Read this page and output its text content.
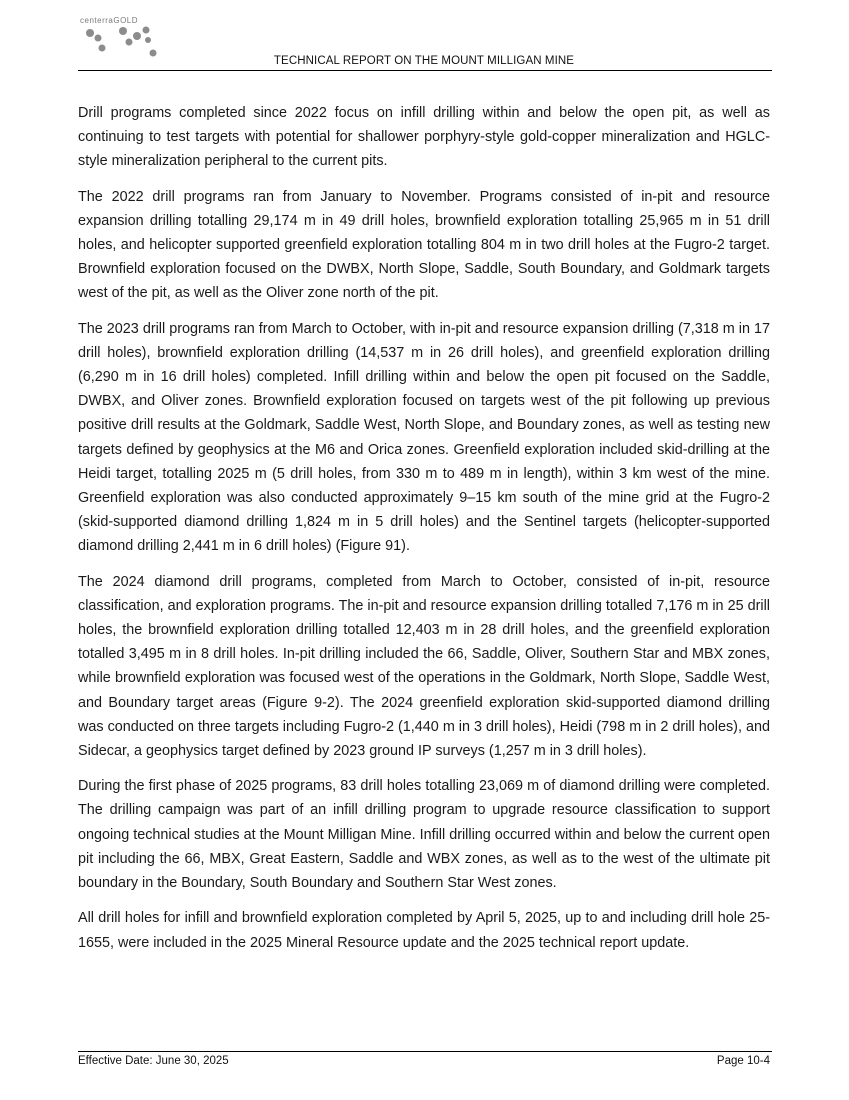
centerraGOLD
TECHNICAL REPORT ON THE MOUNT MILLIGAN MINE

Drill programs completed since 2022 focus on infill drilling within and below the open pit, as well as continuing to test targets with potential for shallower porphyry-style gold-copper mineralization and HGLC-style mineralization peripheral to the current pits.

The 2022 drill programs ran from January to November. Programs consisted of in-pit and resource expansion drilling totalling 29,174 m in 49 drill holes, brownfield exploration totalling 25,965 m in 51 drill holes, and helicopter supported greenfield exploration totalling 804 m in two drill holes at the Fugro-2 target. Brownfield exploration focused on the DWBX, North Slope, Saddle, South Boundary, and Goldmark targets west of the pit, as well as the Oliver zone north of the pit.

The 2023 drill programs ran from March to October, with in-pit and resource expansion drilling (7,318 m in 17 drill holes), brownfield exploration drilling (14,537 m in 26 drill holes), and greenfield exploration drilling (6,290 m in 16 drill holes) completed. Infill drilling within and below the open pit focused on the Saddle, DWBX, and Oliver zones. Brownfield exploration focused on targets west of the pit following up previous positive drill results at the Goldmark, Saddle West, North Slope, and Boundary zones, as well as testing new targets defined by geophysics at the M6 and Orica zones. Greenfield exploration included skid-drilling at the Heidi target, totalling 2025 m (5 drill holes, from 330 m to 489 m in length), within 3 km west of the mine. Greenfield exploration was also conducted approximately 9–15 km south of the mine grid at the Fugro-2 (skid-supported diamond drilling 1,824 m in 5 drill holes) and the Sentinel targets (helicopter-supported diamond drilling 2,441 m in 6 drill holes) (Figure 91).

The 2024 diamond drill programs, completed from March to October, consisted of in-pit, resource classification, and exploration programs. The in-pit and resource expansion drilling totalled 7,176 m in 25 drill holes, the brownfield exploration drilling totalled 12,403 m in 28 drill holes, and the greenfield exploration totalled 3,495 m in 8 drill holes. In-pit drilling included the 66, Saddle, Oliver, Southern Star and MBX zones, while brownfield exploration was focused west of the operations in the Goldmark, North Slope, Saddle West, and Boundary target areas (Figure 9-2). The 2024 greenfield exploration skid-supported diamond drilling was conducted on three targets including Fugro-2 (1,440 m in 3 drill holes), Heidi (798 m in 2 drill holes), and Sidecar, a geophysics target defined by 2023 ground IP surveys (1,257 m in 3 drill holes).

During the first phase of 2025 programs, 83 drill holes totalling 23,069 m of diamond drilling were completed. The drilling campaign was part of an infill drilling program to upgrade resource classification to support ongoing technical studies at the Mount Milligan Mine. Infill drilling occurred within and below the current open pit including the 66, MBX, Great Eastern, Saddle and WBX zones, as well as to the west of the ultimate pit boundary in the Boundary, South Boundary and Southern Star West zones.

All drill holes for infill and brownfield exploration completed by April 5, 2025, up to and including drill hole 25-1655, were included in the 2025 Mineral Resource update and the 2025 technical report update.

Effective Date: June 30, 2025	Page 10-4
